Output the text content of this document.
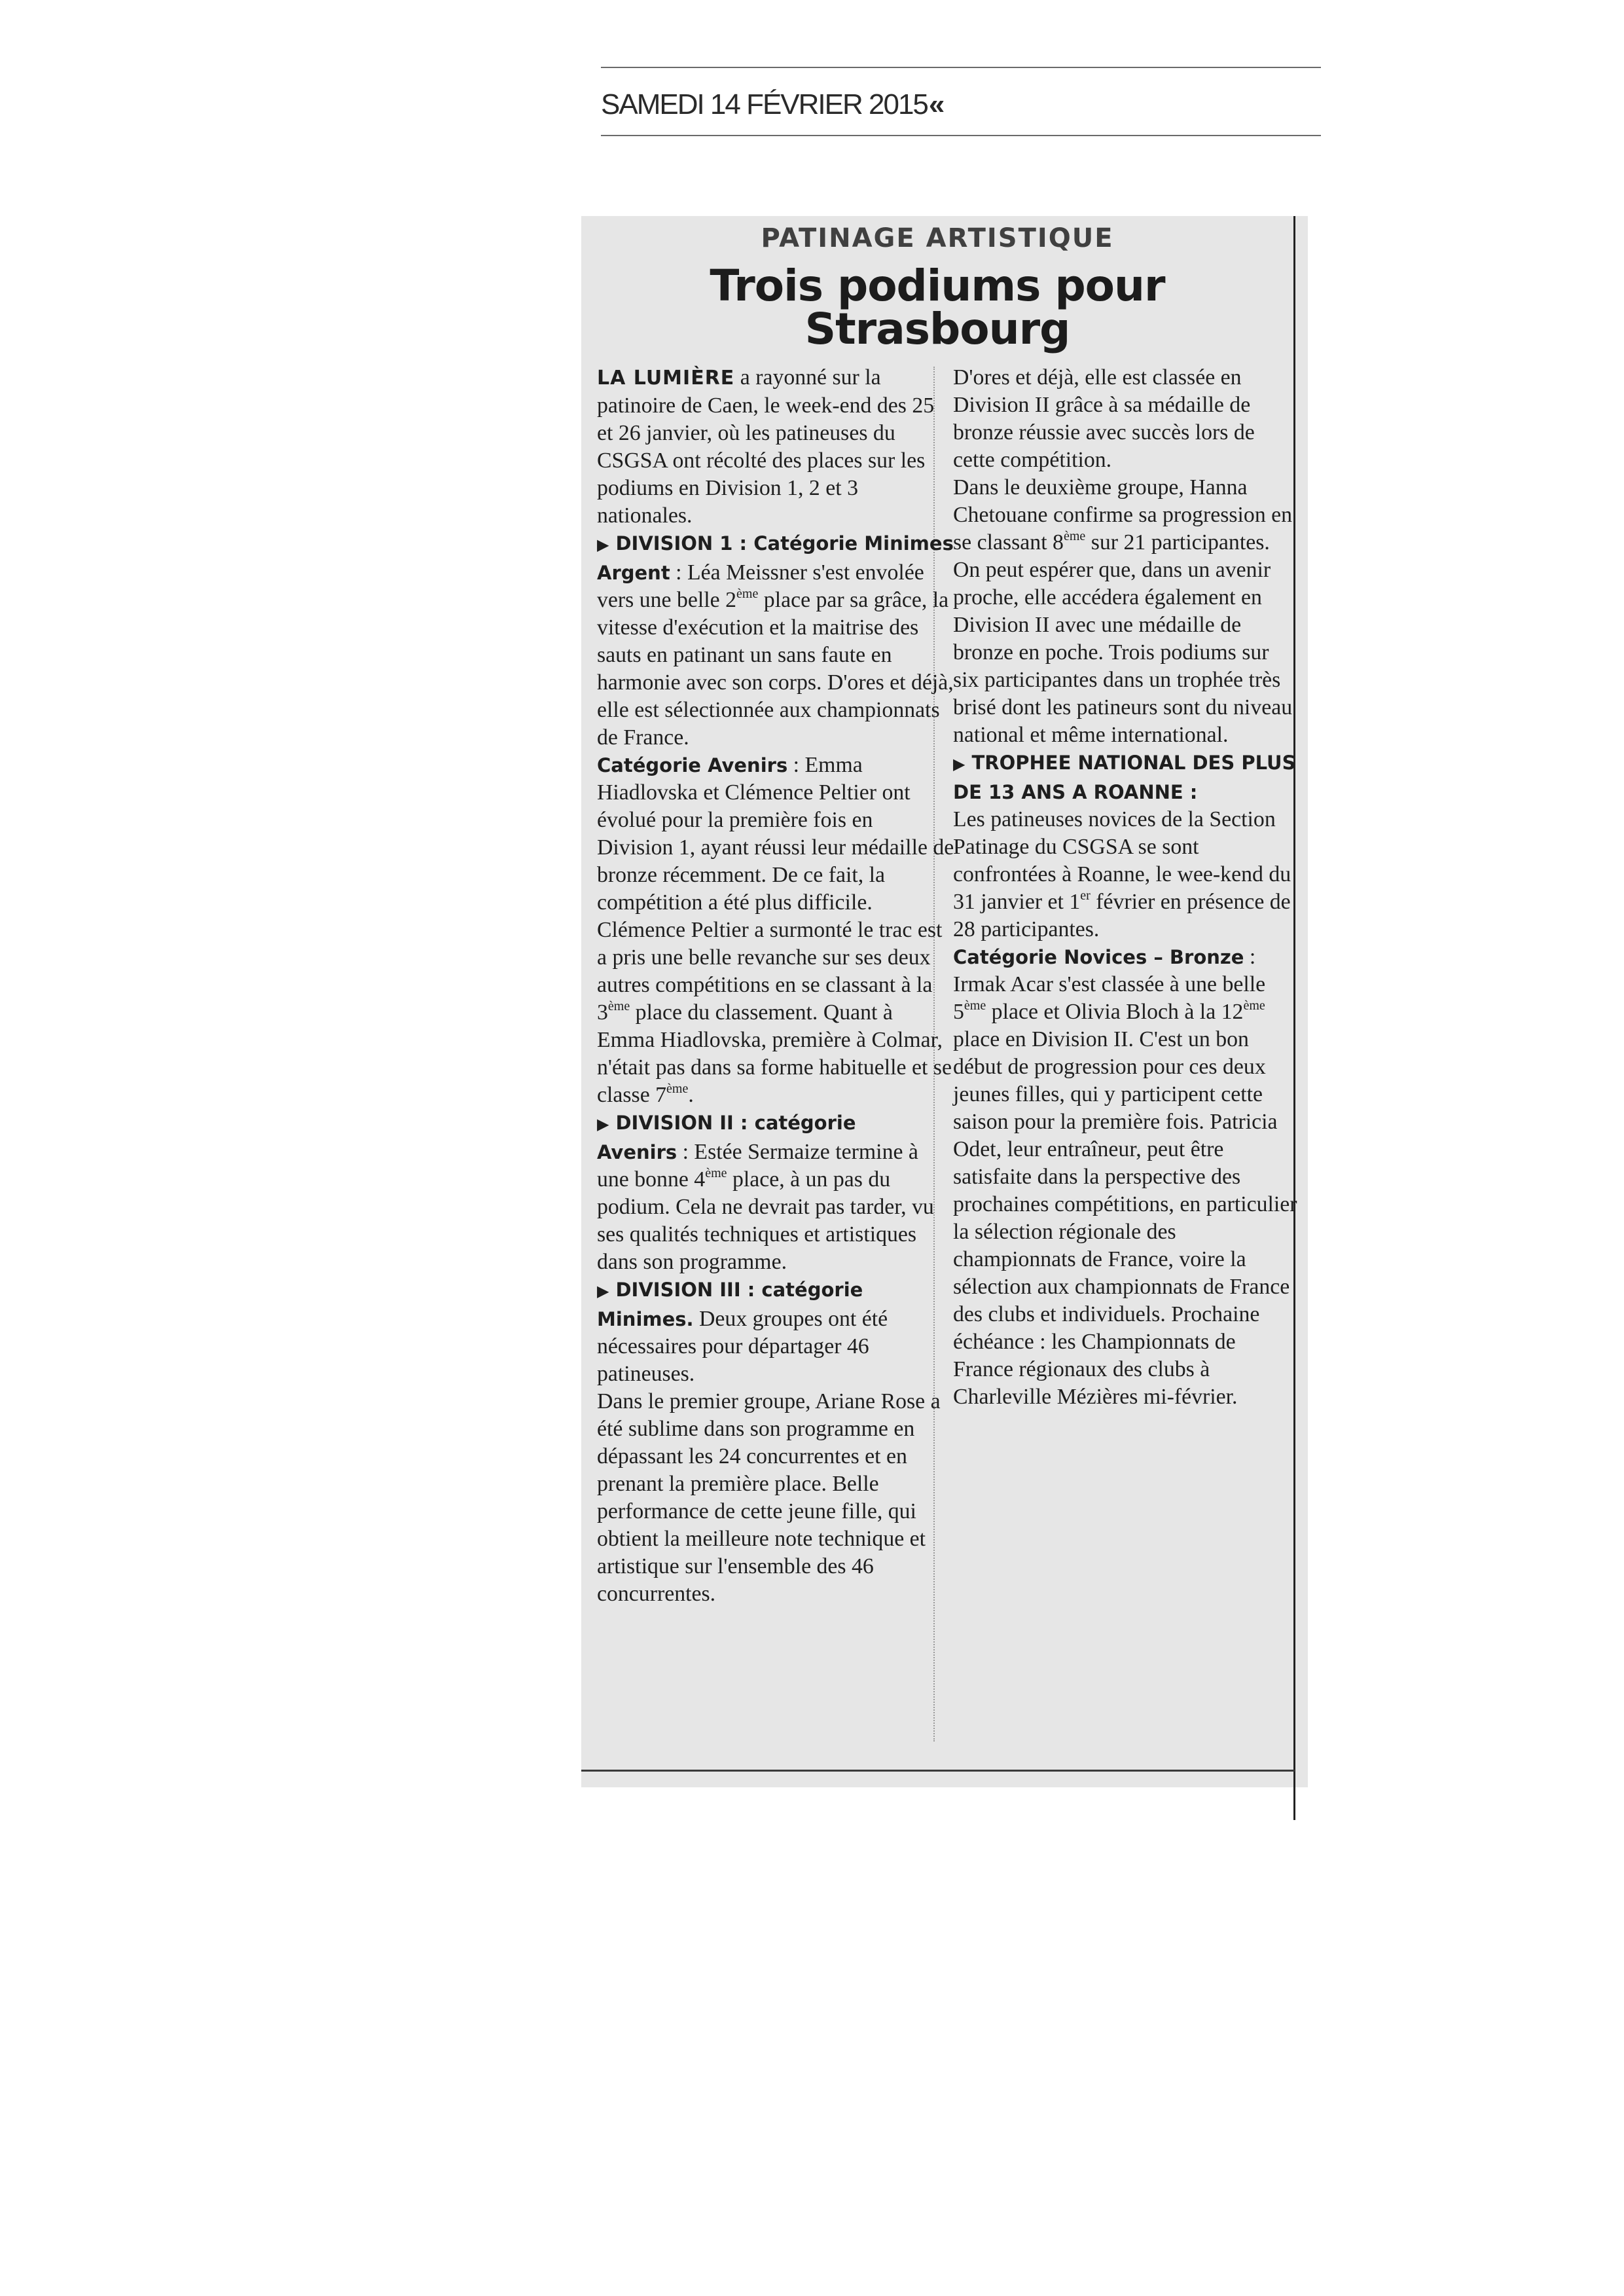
SAMEDI 14 FÉVRIER 2015«
PATINAGE ARTISTIQUE
Trois podiums pour Strasbourg

LA LUMIÈRE a rayonné sur la patinoire de Caen, le week-end des 25 et 26 janvier, où les patineuses du CSGSA ont récolté des places sur les podiums en Division 1, 2 et 3 nationales.

▶ DIVISION 1 : Catégorie Minimes Argent : Léa Meissner s'est envolée vers une belle 2ème place par sa grâce, la vitesse d'exécution et la maitrise des sauts en patinant un sans faute en harmonie avec son corps. D'ores et déjà, elle est sélectionnée aux championnats de France.

Catégorie Avenirs : Emma Hiadlovska et Clémence Peltier ont évolué pour la première fois en Division 1, ayant réussi leur médaille de bronze récemment. De ce fait, la compétition a été plus difficile. Clémence Peltier a surmonté le trac est a pris une belle revanche sur ses deux autres compétitions en se classant à la 3ème place du classement. Quant à Emma Hiadlovska, première à Colmar, n'était pas dans sa forme habituelle et se classe 7ème.

▶ DIVISION II : catégorie
Avenirs : Estée Sermaize termine à une bonne 4ème place, à un pas du podium. Cela ne devrait pas tarder, vu ses qualités techniques et artistiques dans son programme.

▶ DIVISION III : catégorie
Minimes. Deux groupes ont été nécessaires pour départager 46 patineuses.

Dans le premier groupe, Ariane Rose a été sublime dans son programme en dépassant les 24 concurrentes et en prenant la première place. Belle performance de cette jeune fille, qui obtient la meilleure note technique et artistique sur l'ensemble des 46 concurrentes.

D'ores et déjà, elle est classée en Division II grâce à sa médaille de bronze réussie avec succès lors de cette compétition.

Dans le deuxième groupe, Hanna Chetouane confirme sa progression en se classant 8ème sur 21 participantes. On peut espérer que, dans un avenir proche, elle accédera également en Division II avec une médaille de bronze en poche. Trois podiums sur six participantes dans un trophée très brisé dont les patineurs sont du niveau national et même international.

▶ TROPHEE NATIONAL DES PLUS DE 13 ANS A ROANNE :

Les patineuses novices de la Section Patinage du CSGSA se sont confrontées à Roanne, le wee-kend du 31 janvier et 1er février en présence de 28 participantes.

Catégorie Novices – Bronze : Irmak Acar s'est classée à une belle 5ème place et Olivia Bloch à la 12ème place en Division II. C'est un bon début de progression pour ces deux jeunes filles, qui y participent cette saison pour la première fois. Patricia Odet, leur entraîneur, peut être satisfaite dans la perspective des prochaines compétitions, en particulier la sélection régionale des championnats de France, voire la sélection aux championnats de France des clubs et individuels. Prochaine échéance : les Championnats de France régionaux des clubs à Charleville Mézières mi-février.
